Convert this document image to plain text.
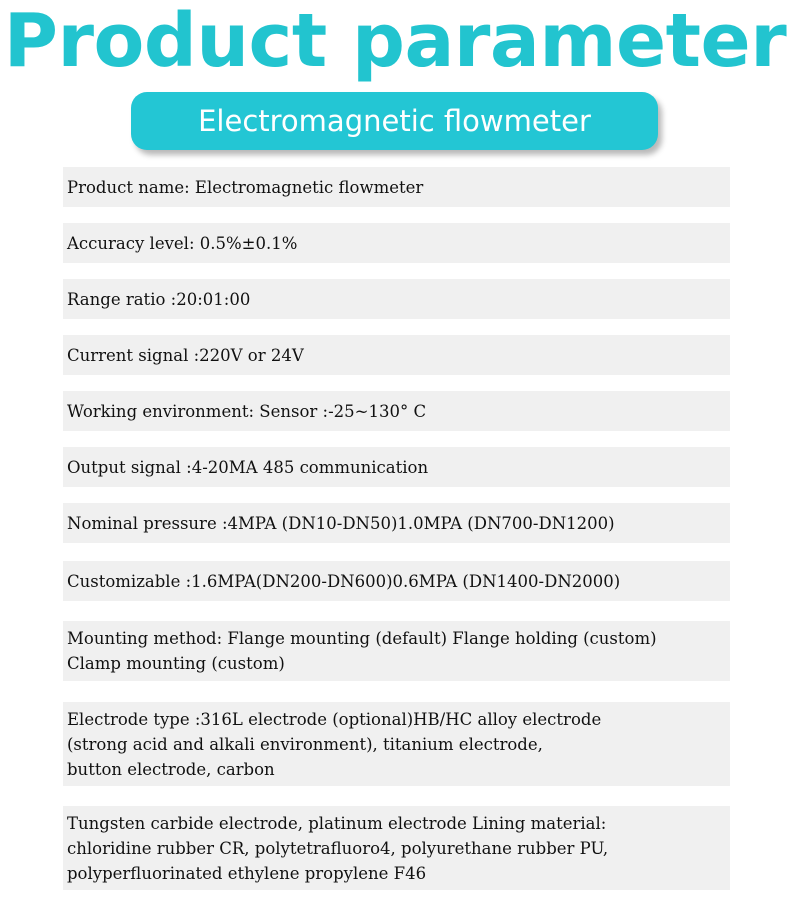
Product parameter
Electromagnetic flowmeter
Product name: Electromagnetic flowmeter
Accuracy level: 0.5%±0.1%
Range ratio :20:01:00
Current signal :220V or 24V
Working environment: Sensor :-25~130° C
Output signal :4-20MA 485 communication
Nominal pressure :4MPA (DN10-DN50)1.0MPA (DN700-DN1200)
Customizable :1.6MPA(DN200-DN600)0.6MPA (DN1400-DN2000)
Mounting method: Flange mounting (default) Flange holding (custom)
Clamp mounting (custom)
Electrode type :316L electrode (optional)HB/HC alloy electrode
(strong acid and alkali environment), titanium electrode,
button electrode, carbon
Tungsten carbide electrode, platinum electrode Lining material:
chloridine rubber CR, polytetrafluoro4, polyurethane rubber PU,
polyperfluorinated ethylene propylene F46
